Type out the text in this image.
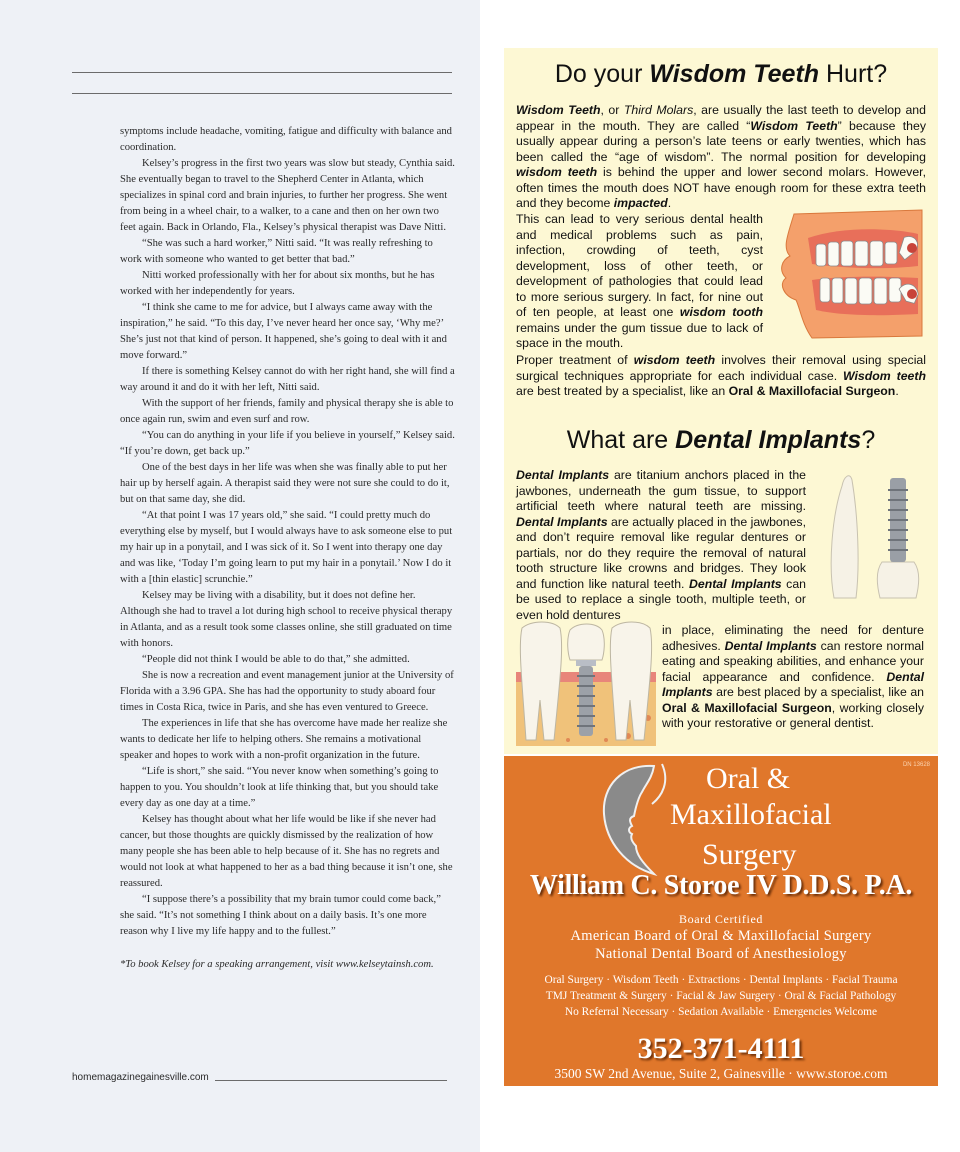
symptoms include headache, vomiting, fatigue and difficulty with balance and coordination.

Kelsey’s progress in the first two years was slow but steady, Cynthia said. She eventually began to travel to the Shepherd Center in Atlanta, which specializes in spinal cord and brain injuries, to further her progress. She went from being in a wheel chair, to a walker, to a cane and then on her own two feet again. Back in Orlando, Fla., Kelsey’s physical therapist was Dave Nitti.

“She was such a hard worker,” Nitti said. “It was really refreshing to work with someone who wanted to get better that bad.”

Nitti worked professionally with her for about six months, but he has worked with her independently for years.

“I think she came to me for advice, but I always came away with the inspiration,” he said. “To this day, I’ve never heard her once say, ‘Why me?’ She’s just not that kind of person. It happened, she’s going to deal with it and move forward.”

If there is something Kelsey cannot do with her right hand, she will find a way around it and do it with her left, Nitti said.

With the support of her friends, family and physical therapy she is able to once again run, swim and even surf and row.

“You can do anything in your life if you believe in yourself,” Kelsey said. “If you’re down, get back up.”

One of the best days in her life was when she was finally able to put her hair up by herself again. A therapist said they were not sure she could to do it, but on that same day, she did.

“At that point I was 17 years old,” she said. “I could pretty much do everything else by myself, but I would always have to ask someone else to put my hair up in a ponytail, and I was sick of it. So I went into therapy one day and was like, ‘Today I’m going learn to put my hair in a ponytail.’ Now I do it with a [thin elastic] scrunchie.”

Kelsey may be living with a disability, but it does not define her. Although she had to travel a lot during high school to receive physical therapy in Atlanta, and as a result took some classes online, she still graduated on time with honors.

“People did not think I would be able to do that,” she admitted.

She is now a recreation and event management junior at the University of Florida with a 3.96 GPA. She has had the opportunity to study aboard four times in Costa Rica, twice in Paris, and she has even ventured to Greece.

The experiences in life that she has overcome have made her realize she wants to dedicate her life to helping others. She remains a motivational speaker and hopes to work with a non-profit organization in the future.

“Life is short,” she said. “You never know when something’s going to happen to you. You shouldn’t look at life thinking that, but you should take every day as one day at a time.”

Kelsey has thought about what her life would be like if she never had cancer, but those thoughts are quickly dismissed by the realization of how many people she has been able to help because of it. She has no regrets and would not look at what happened to her as a bad thing because it isn’t one, she reassured.

“I suppose there’s a possibility that my brain tumor could come back,” she said. “It’s not something I think about on a daily basis. It’s one more reason why I live my life happy and to the fullest.”

*To book Kelsey for a speaking arrangement, visit www.kelseytainsh.com.

homemagazinegainesville.com
Do your Wisdom Teeth Hurt?
Wisdom Teeth, or Third Molars, are usually the last teeth to develop and appear in the mouth. They are called “Wisdom Teeth” because they usually appear during a person’s late teens or early twenties, which has been called the “age of wisdom”. The normal position for developing wisdom teeth is behind the upper and lower second molars. However, often times the mouth does NOT have enough room for these extra teeth and they become impacted.
This can lead to very serious dental health and medical problems such as pain, infection, crowding of teeth, cyst development, loss of other teeth, or development of pathologies that could lead to more serious surgery. In fact, for nine out of ten people, at least one wisdom tooth remains under the gum tissue due to lack of space in the mouth.
Proper treatment of wisdom teeth involves their removal using special surgical techniques appropriate for each individual case. Wisdom teeth are best treated by a specialist, like an Oral & Maxillofacial Surgeon.
What are Dental Implants?
Dental Implants are titanium anchors placed in the jawbones, underneath the gum tissue, to support artificial teeth where natural teeth are missing. Dental Implants are actually placed in the jawbones, and don’t require removal like regular dentures or partials, nor do they require the removal of natural tooth structure like crowns and bridges. They look and function like natural teeth. Dental Implants can be used to replace a single tooth, multiple teeth, or even hold dentures
in place, eliminating the need for denture adhesives. Dental Implants can restore normal eating and speaking abilities, and enhance your facial appearance and confidence. Dental Implants are best placed by a specialist, like an Oral & Maxillofacial Surgeon, working closely with your restorative or general dentist.
DN 13628
Oral &
Maxillofacial
Surgery
William C. Storoe IV D.D.S. P.A.
Board Certified
American Board of Oral & Maxillofacial Surgery
National Dental Board of Anesthesiology
Oral Surgery · Wisdom Teeth · Extractions · Dental Implants · Facial Trauma
TMJ Treatment & Surgery · Facial & Jaw Surgery · Oral & Facial Pathology
No Referral Necessary · Sedation Available · Emergencies Welcome
352-371-4111
3500 SW 2nd Avenue, Suite 2, Gainesville · www.storoe.com
